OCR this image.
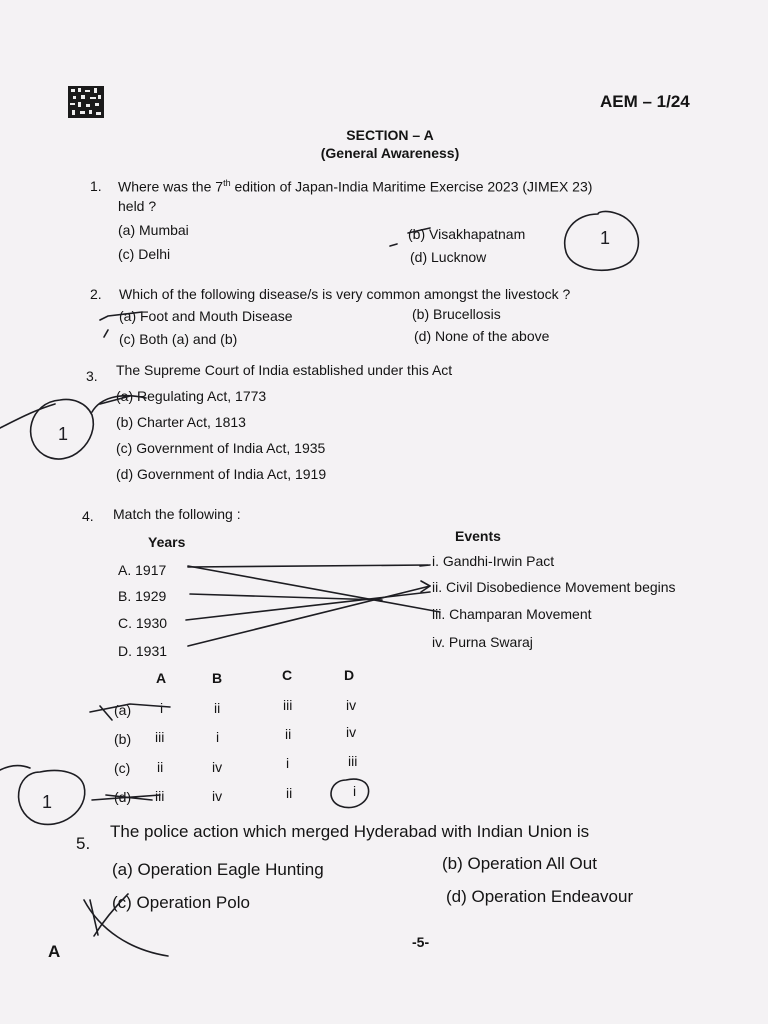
AEM – 1/24
SECTION – A
(General Awareness)
1. Where was the 7th edition of Japan-India Maritime Exercise 2023 (JIMEX 23)
held ?
(a) Mumbai	(b) Visakhapatnam
(c) Delhi	(d) Lucknow
2. Which of the following disease/s is very common amongst the livestock ?
(a) Foot and Mouth Disease	(b) Brucellosis
(c) Both (a) and (b)	(d) None of the above
3. The Supreme Court of India established under this Act
(a) Regulating Act, 1773
(b) Charter Act, 1813
(c) Government of India Act, 1935
(d) Government of India Act, 1919
4. Match the following :
Years	Events
A. 1917
B. 1929
C. 1930
D. 1931
i. Gandhi-Irwin Pact
ii. Civil Disobedience Movement begins
iii. Champaran Movement
iv. Purna Swaraj
A	B	C	D
(a) i	ii	iii	iv
(b) iii	i	ii	iv
(c) ii	iv	i	iii
(d) iii	iv	ii	i
5.
The police action which merged Hyderabad with Indian Union is
(a) Operation Eagle Hunting	(b) Operation All Out
(c) Operation Polo	(d) Operation Endeavour
A	-5-
1
1
1
